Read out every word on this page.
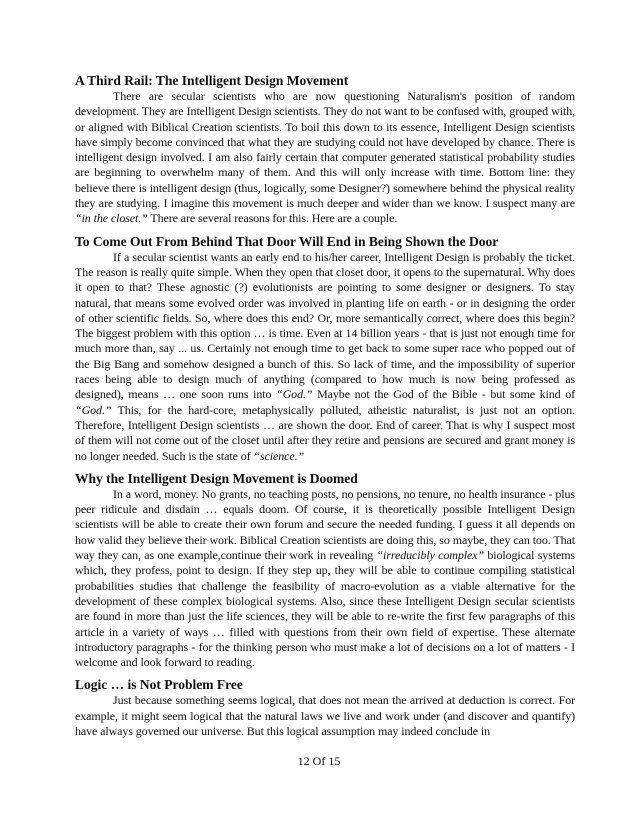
A Third Rail: The Intelligent Design Movement

There are secular scientists who are now questioning Naturalism's position of random development. They are Intelligent Design scientists. They do not want to be confused with, grouped with, or aligned with Biblical Creation scientists. To boil this down to its essence, Intelligent Design scientists have simply become convinced that what they are studying could not have developed by chance. There is intelligent design involved. I am also fairly certain that computer generated statistical probability studies are beginning to overwhelm many of them. And this will only increase with time. Bottom line: they believe there is intelligent design (thus, logically, some Designer?) somewhere behind the physical reality they are studying. I imagine this movement is much deeper and wider than we know. I suspect many are “in the closet.” There are several reasons for this. Here are a couple.

To Come Out From Behind That Door Will End in Being Shown the Door

If a secular scientist wants an early end to his/her career, Intelligent Design is probably the ticket. The reason is really quite simple. When they open that closet door, it opens to the supernatural. Why does it open to that? These agnostic (?) evolutionists are pointing to some designer or designers. To stay natural, that means some evolved order was involved in planting life on earth - or in designing the order of other scientific fields. So, where does this end? Or, more semantically correct, where does this begin? The biggest problem with this option … is time. Even at 14 billion years - that is just not enough time for much more than, say ... us. Certainly not enough time to get back to some super race who popped out of the Big Bang and somehow designed a bunch of this. So lack of time, and the impossibility of superior races being able to design much of anything (compared to how much is now being professed as designed), means … one soon runs into “God.” Maybe not the God of the Bible - but some kind of “God.” This, for the hard-core, metaphysically polluted, atheistic naturalist, is just not an option. Therefore, Intelligent Design scientists … are shown the door. End of career. That is why I suspect most of them will not come out of the closet until after they retire and pensions are secured and grant money is no longer needed. Such is the state of “science.”

Why the Intelligent Design Movement is Doomed

In a word, money. No grants, no teaching posts, no pensions, no tenure, no health insurance - plus peer ridicule and disdain … equals doom. Of course, it is theoretically possible Intelligent Design scientists will be able to create their own forum and secure the needed funding. I guess it all depends on how valid they believe their work. Biblical Creation scientists are doing this, so maybe, they can too. That way they can, as one example,continue their work in revealing “irreducibly complex” biological systems which, they profess, point to design. If they step up, they will be able to continue compiling statistical probabilities studies that challenge the feasibility of macro-evolution as a viable alternative for the development of these complex biological systems. Also, since these Intelligent Design secular scientists are found in more than just the life sciences, they will be able to re-write the first few paragraphs of this article in a variety of ways … filled with questions from their own field of expertise. These alternate introductory paragraphs - for the thinking person who must make a lot of decisions on a lot of matters - I welcome and look forward to reading.

Logic … is Not Problem Free

Just because something seems logical, that does not mean the arrived at deduction is correct. For example, it might seem logical that the natural laws we live and work under (and discover and quantify) have always governed our universe. But this logical assumption may indeed conclude in

12 Of 15
